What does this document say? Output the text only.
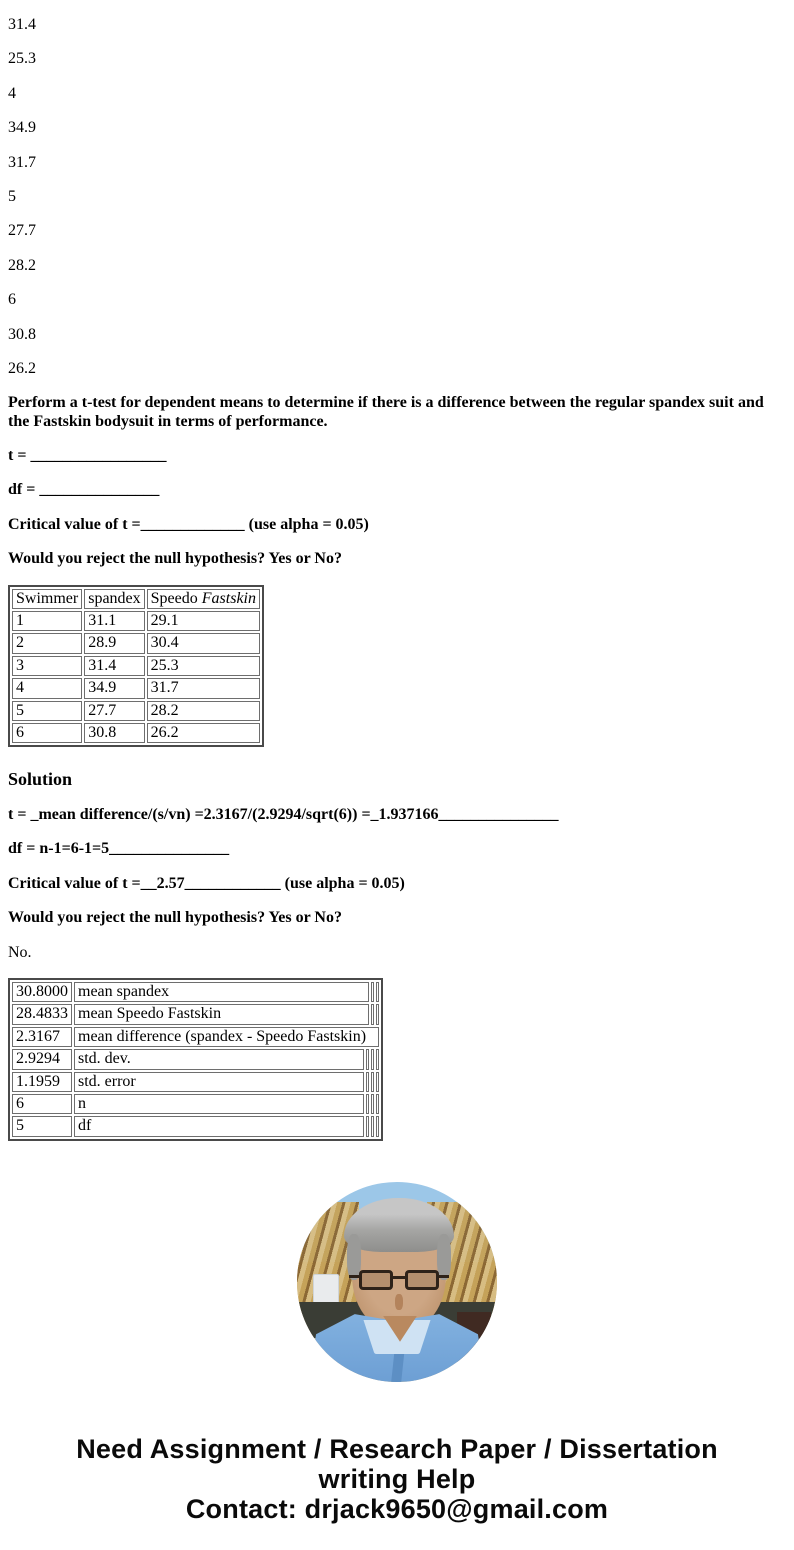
31.4

25.3

4

34.9

31.7

5

27.7

28.2

6

30.8

26.2

Perform a t-test for dependent means to determine if there is a difference between the regular spandex suit and the Fastskin bodysuit in terms of performance.

t = _________________

df = _______________

Critical value of t =_____________ (use alpha = 0.05)

Would you reject the null hypothesis? Yes or No?

Swimmer	spandex	Speedo Fastskin
1	31.1	29.1
2	28.9	30.4
3	31.4	25.3
4	34.9	31.7
5	27.7	28.2
6	30.8	26.2
Solution

t = _mean difference/(s/vn) =2.3167/(2.9294/sqrt(6)) =_1.937166_______________

df = n-1=6-1=5_______________

Critical value of t =__2.57____________ (use alpha = 0.05)

Would you reject the null hypothesis? Yes or No?

No.

30.8000	mean spandex			
28.4833	mean Speedo Fastskin			
2.3167	mean difference (spandex - Speedo Fastskin)			
2.9294	std. dev.			
1.1959	std. error			
6	n			
5	df			
Need Assignment / Research Paper / Dissertation
writing Help
Contact: drjack9650@gmail.com
